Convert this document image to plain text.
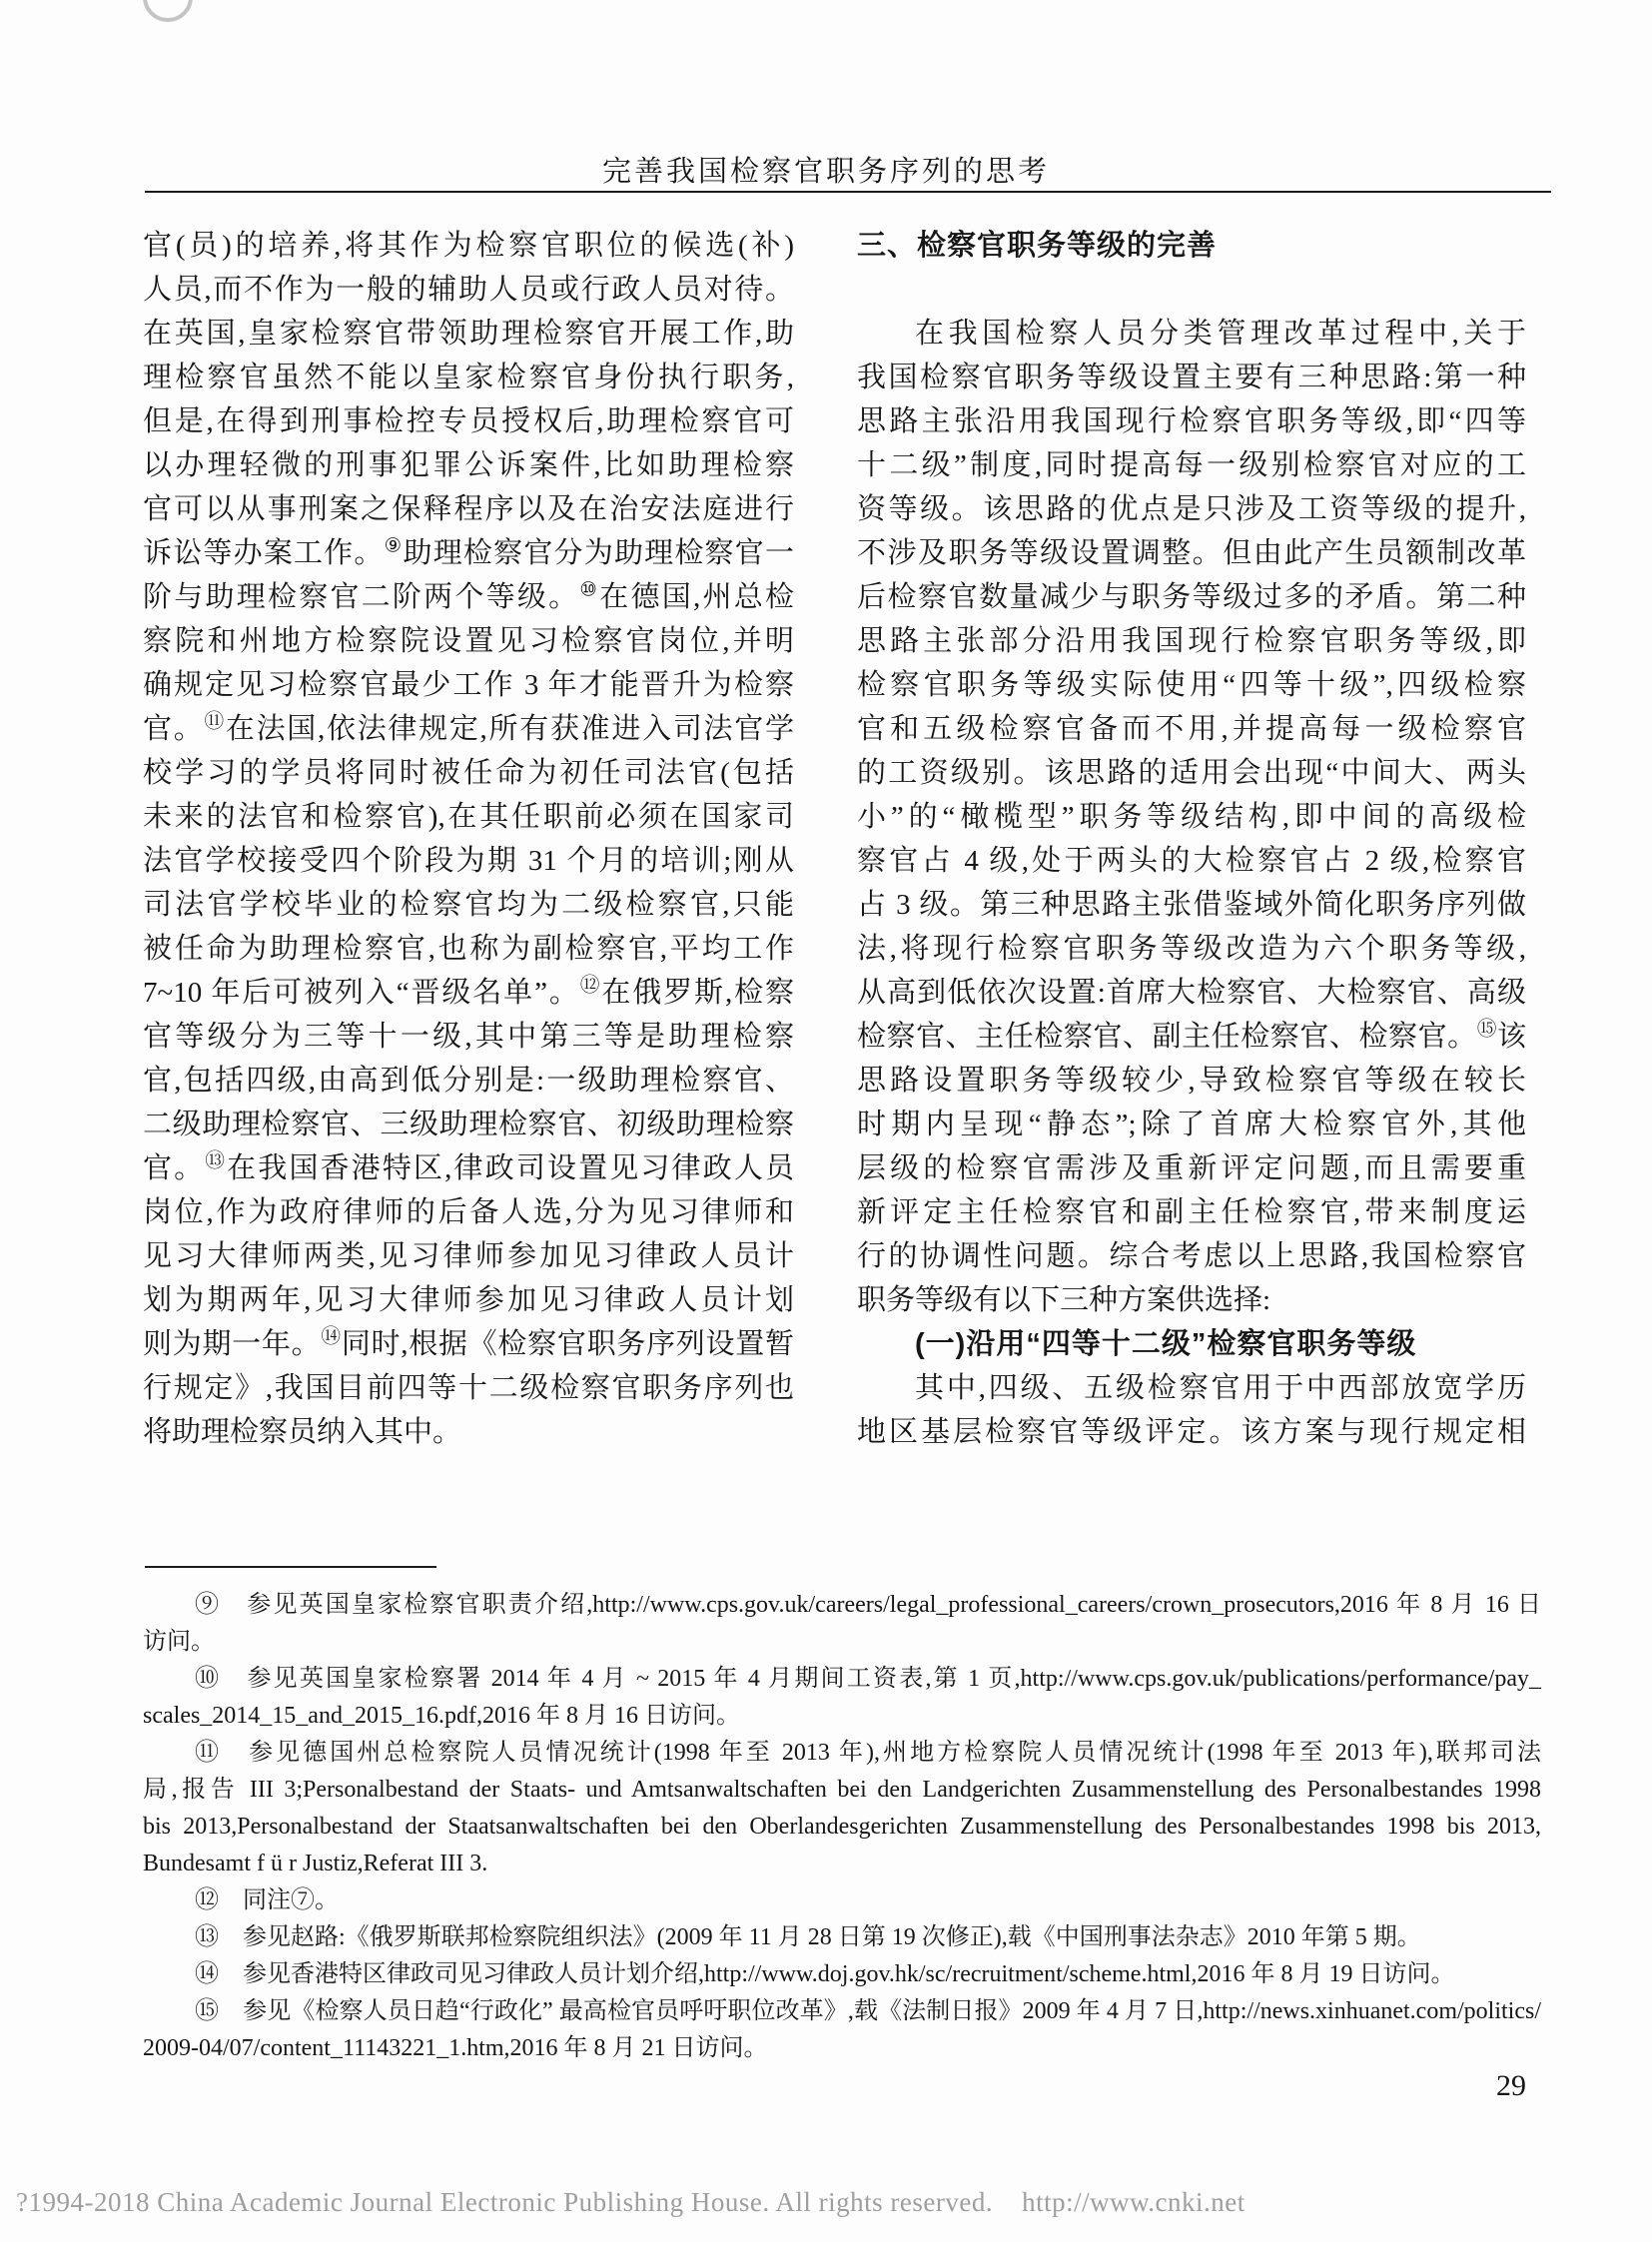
完善我国检察官职务序列的思考
官(员)的培养,将其作为检察官职位的候选(补)
人员,而不作为一般的辅助人员或行政人员对待。
在英国,皇家检察官带领助理检察官开展工作,助
理检察官虽然不能以皇家检察官身份执行职务,
但是,在得到刑事检控专员授权后,助理检察官可
以办理轻微的刑事犯罪公诉案件,比如助理检察
官可以从事刑案之保释程序以及在治安法庭进行
诉讼等办案工作。⑨助理检察官分为助理检察官一
阶与助理检察官二阶两个等级。⑩在德国,州总检
察院和州地方检察院设置见习检察官岗位,并明
确规定见习检察官最少工作 3 年才能晋升为检察
官。⑪在法国,依法律规定,所有获准进入司法官学
校学习的学员将同时被任命为初任司法官(包括
未来的法官和检察官),在其任职前必须在国家司
法官学校接受四个阶段为期 31 个月的培训;刚从
司法官学校毕业的检察官均为二级检察官,只能
被任命为助理检察官,也称为副检察官,平均工作
7~10 年后可被列入“晋级名单”。⑫在俄罗斯,检察
官等级分为三等十一级,其中第三等是助理检察
官,包括四级,由高到低分别是:一级助理检察官、
二级助理检察官、三级助理检察官、初级助理检察
官。⑬在我国香港特区,律政司设置见习律政人员
岗位,作为政府律师的后备人选,分为见习律师和
见习大律师两类,见习律师参加见习律政人员计
划为期两年,见习大律师参加见习律政人员计划
则为期一年。⑭同时,根据《检察官职务序列设置暂
行规定》,我国目前四等十二级检察官职务序列也
将助理检察员纳入其中。
三、检察官职务等级的完善
在我国检察人员分类管理改革过程中,关于
我国检察官职务等级设置主要有三种思路:第一种
思路主张沿用我国现行检察官职务等级,即“四等
十二级”制度,同时提高每一级别检察官对应的工
资等级。该思路的优点是只涉及工资等级的提升,
不涉及职务等级设置调整。但由此产生员额制改革
后检察官数量减少与职务等级过多的矛盾。第二种
思路主张部分沿用我国现行检察官职务等级,即
检察官职务等级实际使用“四等十级”,四级检察
官和五级检察官备而不用,并提高每一级检察官
的工资级别。该思路的适用会出现“中间大、两头
小”的“橄榄型”职务等级结构,即中间的高级检
察官占 4 级,处于两头的大检察官占 2 级,检察官
占 3 级。第三种思路主张借鉴域外简化职务序列做
法,将现行检察官职务等级改造为六个职务等级,
从高到低依次设置:首席大检察官、大检察官、高级
检察官、主任检察官、副主任检察官、检察官。⑮该
思路设置职务等级较少,导致检察官等级在较长
时期内呈现“静态”;除了首席大检察官外,其他
层级的检察官需涉及重新评定问题,而且需要重
新评定主任检察官和副主任检察官,带来制度运
行的协调性问题。综合考虑以上思路,我国检察官
职务等级有以下三种方案供选择:
(一)沿用“四等十二级”检察官职务等级
其中,四级、五级检察官用于中西部放宽学历
地区基层检察官等级评定。该方案与现行规定相
⑨　参见英国皇家检察官职责介绍,http://www.cps.gov.uk/careers/legal_professional_careers/crown_prosecutors,2016 年 8 月 16 日
访问。
⑩　参见英国皇家检察署 2014 年 4 月 ~ 2015 年 4 月期间工资表,第 1 页,http://www.cps.gov.uk/publications/performance/pay_
scales_2014_15_and_2015_16.pdf,2016 年 8 月 16 日访问。
⑪　参见德国州总检察院人员情况统计(1998 年至 2013 年),州地方检察院人员情况统计(1998 年至 2013 年),联邦司法
局,报告 III 3;Personalbestand der Staats- und Amtsanwaltschaften bei den Landgerichten Zusammenstellung des Personalbestandes 1998
bis 2013,Personalbestand der Staatsanwaltschaften bei den Oberlandesgerichten Zusammenstellung des Personalbestandes 1998 bis 2013,
Bundesamt f ü r Justiz,Referat III 3.
⑫　同注⑦。
⑬　参见赵路:《俄罗斯联邦检察院组织法》(2009 年 11 月 28 日第 19 次修正),载《中国刑事法杂志》2010 年第 5 期。
⑭　参见香港特区律政司见习律政人员计划介绍,http://www.doj.gov.hk/sc/recruitment/scheme.html,2016 年 8 月 19 日访问。
⑮　参见《检察人员日趋“行政化” 最高检官员呼吁职位改革》,载《法制日报》2009 年 4 月 7 日,http://news.xinhuanet.com/politics/
2009-04/07/content_11143221_1.htm,2016 年 8 月 21 日访问。
29
?1994-2018 China Academic Journal Electronic Publishing House. All rights reserved.    http://www.cnki.net
